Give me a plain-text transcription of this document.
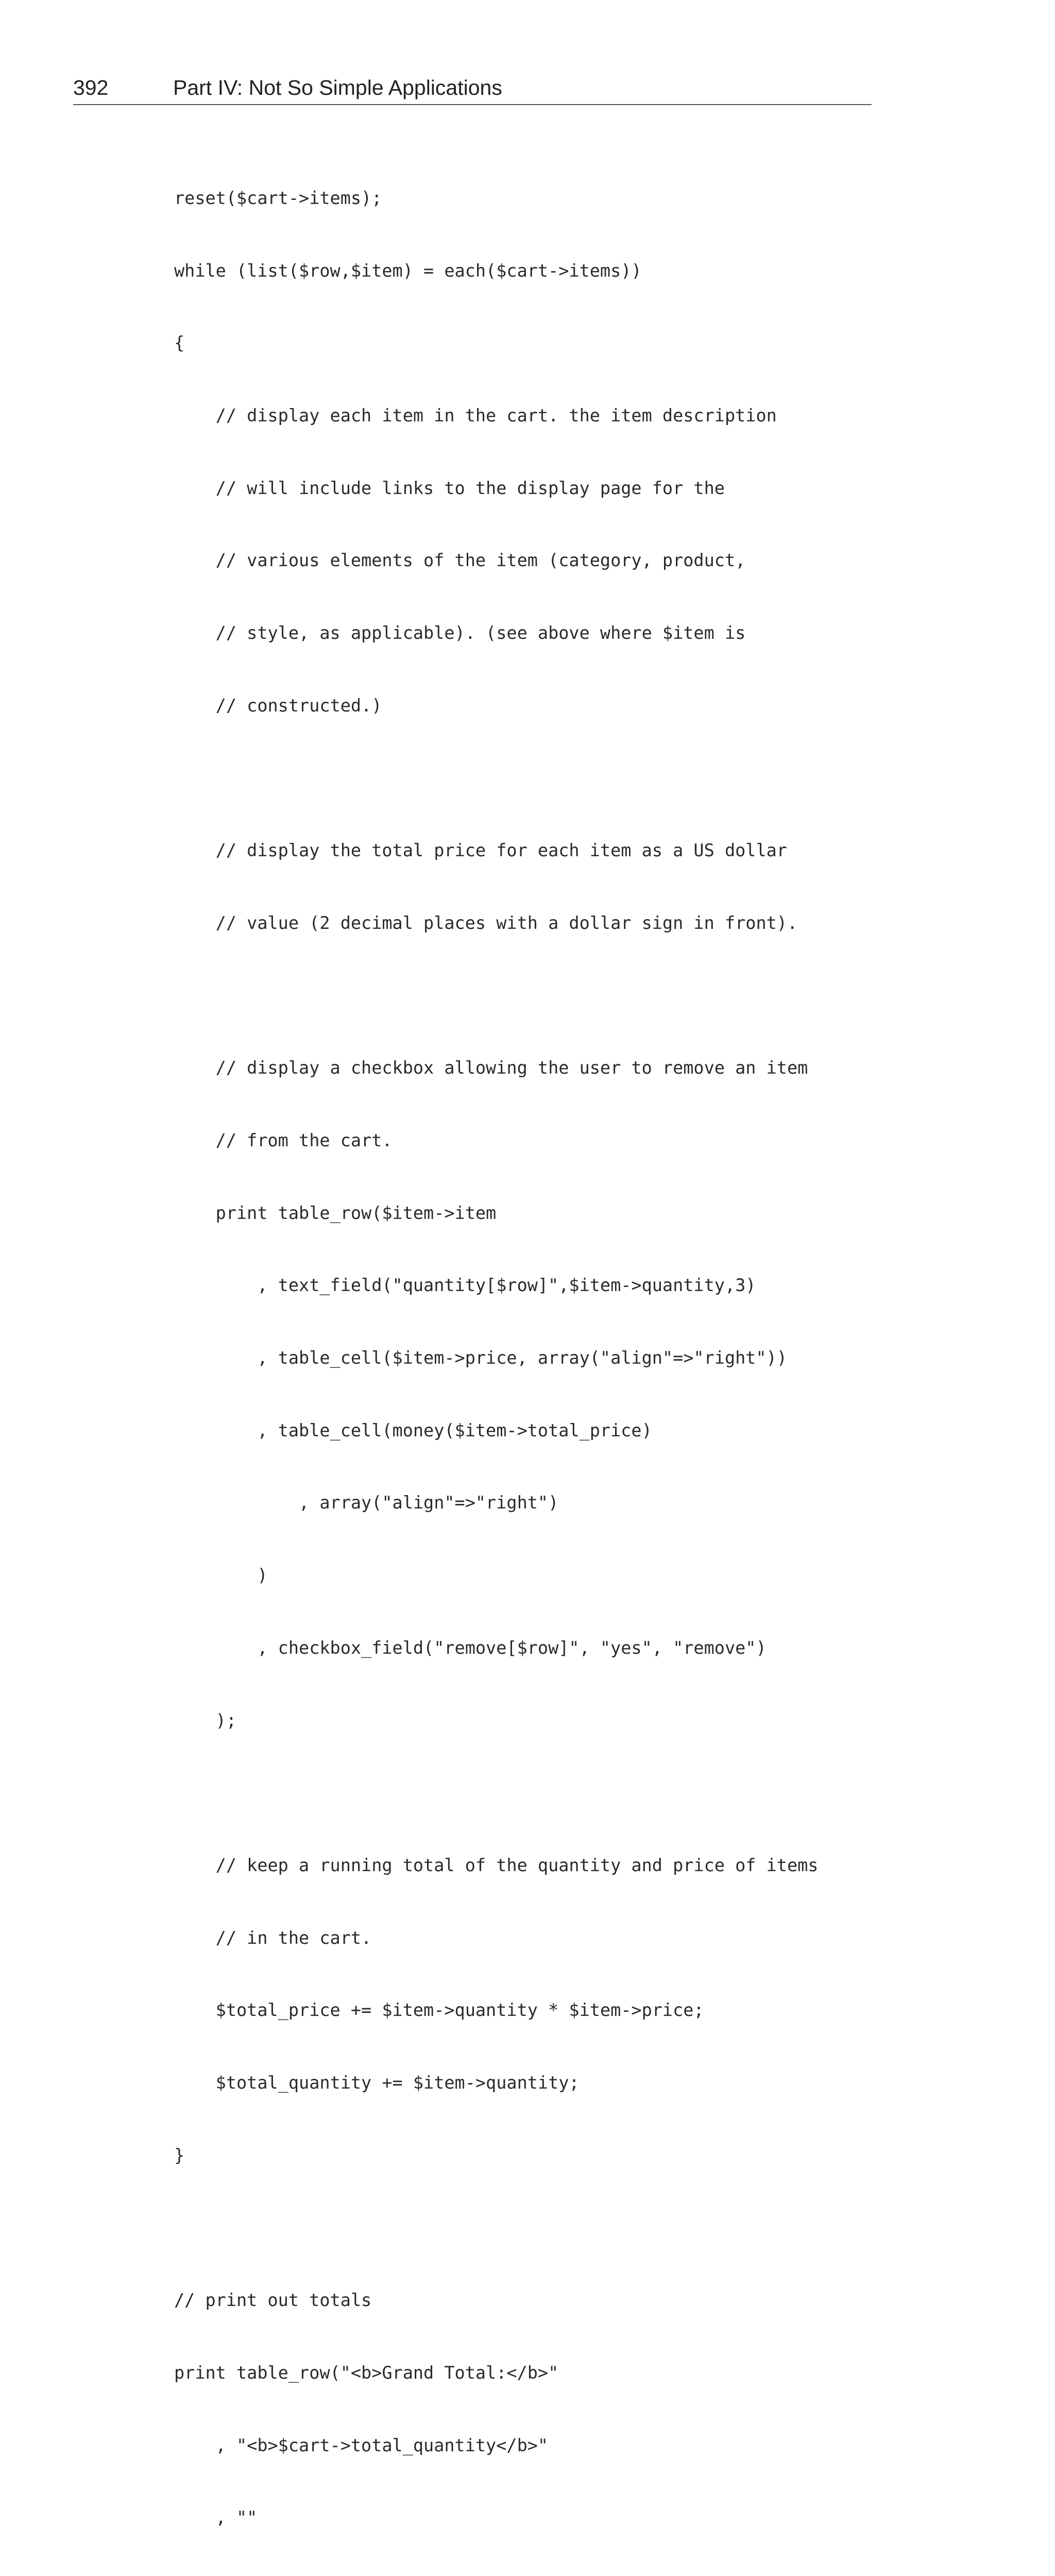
392	Part IV: Not So Simple Applications

reset($cart->items);

while (list($row,$item) = each($cart->items))

{

// display each item in the cart. the item description

// will include links to the display page for the

// various elements of the item (category, product,

// style, as applicable). (see above where $item is

// constructed.)

// display the total price for each item as a US dollar

// value (2 decimal places with a dollar sign in front).

// display a checkbox allowing the user to remove an item

// from the cart.

print table_row($item->item

, text_field("quantity[$row]",$item->quantity,3)

, table_cell($item->price, array("align"=>"right"))

, table_cell(money($item->total_price)

, array("align"=>"right")

)

, checkbox_field("remove[$row]", "yes", "remove")

);

// keep a running total of the quantity and price of items

// in the cart.

$total_price += $item->quantity * $item->price;

$total_quantity += $item->quantity;

}

// print out totals

print table_row("<b>Grand Total:</b>"

, "<b>$cart->total_quantity</b>"

, ""
